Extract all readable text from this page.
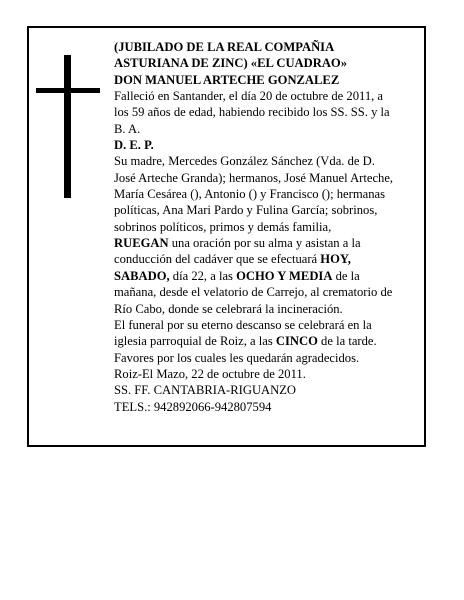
(JUBILADO DE LA REAL COMPAÑIA

ASTURIANA DE ZINC) «EL CUADRAO»

DON MANUEL ARTECHE GONZALEZ

Falleció en Santander, el día 20 de octubre de 2011, a

los 59 años de edad, habiendo recibido los SS. SS. y la

B. A.

D. E. P.

Su madre, Mercedes González Sánchez (Vda. de D.

José Arteche Granda); hermanos, José Manuel Arteche,

María Cesárea (), Antonio () y Francisco (); hermanas

políticas, Ana Mari Pardo y Fulina García; sobrinos,

sobrinos políticos, primos y demás familia,

RUEGAN una oración por su alma y asistan a la

conducción del cadáver que se efectuará HOY,

SABADO, día 22, a las OCHO Y MEDIA de la

mañana, desde el velatorio de Carrejo, al crematorio de

Río Cabo, donde se celebrará la incineración.

El funeral por su eterno descanso se celebrará en la

iglesia parroquial de Roiz, a las CINCO de la tarde.

Favores por los cuales les quedarán agradecidos.

Roiz-El Mazo, 22 de octubre de 2011.

SS. FF. CANTABRIA-RIGUANZO

TELS.: 942892066-942807594
